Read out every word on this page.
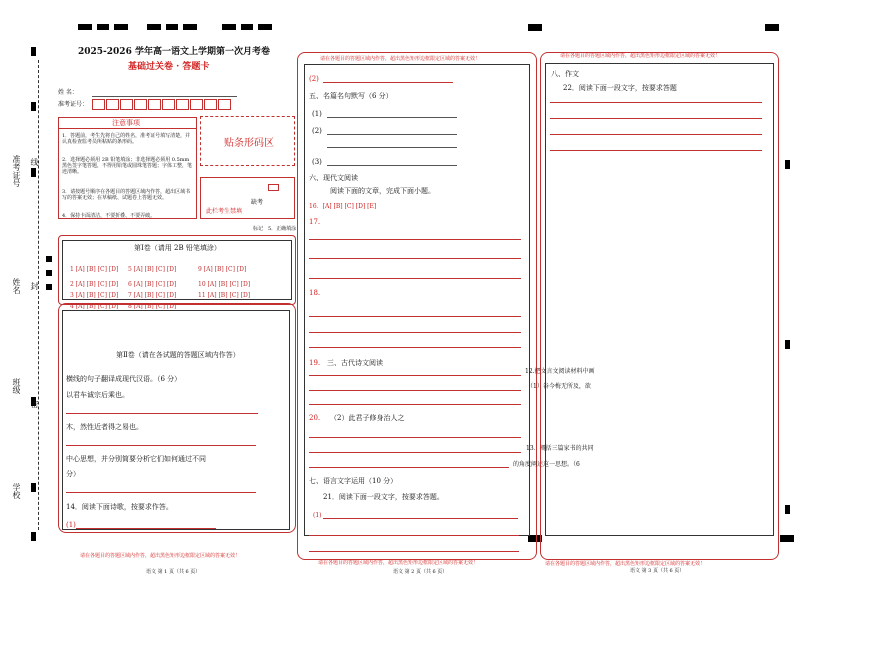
准考证号 线
姓名 封
班级
密
学校
2025-2026 学年高一语文上学期第一次月考卷
基础过关卷 · 答题卡
姓 名：
准考证号：
注意事项
1．答题前，考生先将自己的姓名，准考证号填写清楚，并认真检查监考员所粘贴的条形码。
2．选择题必须用 2B 铅笔填涂；非选择题必须用 0.5mm 黑色签字笔答题，不得用铅笔或圆珠笔答题；字体工整，笔迹清晰。
3．请按题号顺序在各题目的答题区域内作答，超出区域书写的答案无效；在草稿纸、试题卷上答题无效。
4．保持卡面清洁，不要折叠、不要弄破。
贴条形码区
缺考
此栏考生禁填
标记 5．正确填涂
第Ⅰ卷（请用 2B 铅笔填涂）
1 [A] [B] [C] [D] 5 [A] [B] [C] [D]	9 [A] [B] [C] [D]
2 [A] [B] [C] [D] 6 [A] [B] [C] [D]	10 [A] [B] [C] [D]
3 [A] [B] [C] [D] 7 [A] [B] [C] [D]	11 [A] [B] [C] [D]
4 [A] [B] [C] [D] 8 [A] [B] [C] [D]
第Ⅱ卷（请在各试题的答题区域内作答）
横线的句子翻译成现代汉语。（6 分）
以君车诚宗后乘也。
木，然性近者得之易也。
中心思想，并分别简要分析它们如何通过不同
分）
14．阅读下面诗歌，按要求作答。
(1)
请在各题目的答题区域内作答，超出黑色矩形边框限定区域的答案无效！
语文 第 1 页（共 6 页）
请在各题目的答题区域内作答，超出黑色矩形边框限定区域的答案无效！
(2)
五、名篇名句默写（6 分）
(1)
(2)
(3)
六、现代文阅读
阅读下面的文章，完成下面小题。
16．[A] [B] [C] [D] [E]
17.
18.
19. 三、古代诗文阅读
12.把文言文阅读材料中画
（1）谷今梅无所及，欲
20. （2）此君子修身治人之
13．概括三篇家书的共同
的角度阐述这一思想。（6
七、语言文字运用（10 分）
21．阅读下面一段文字，按要求答题。
(1)
请在各题目的答题区域内作答，超出黑色矩形边框限定区域的答案无效！
语文 第 2 页（共 6 页）
请在各题目的答题区域内作答，超出黑色矩形边框限定区域的答案无效！
八、作文
22．阅读下面一段文字，按要求答题
请在各题目的答题区域内作答，超出黑色矩形边框限定区域的答案无效！
语文 第 3 页（共 6 页）
